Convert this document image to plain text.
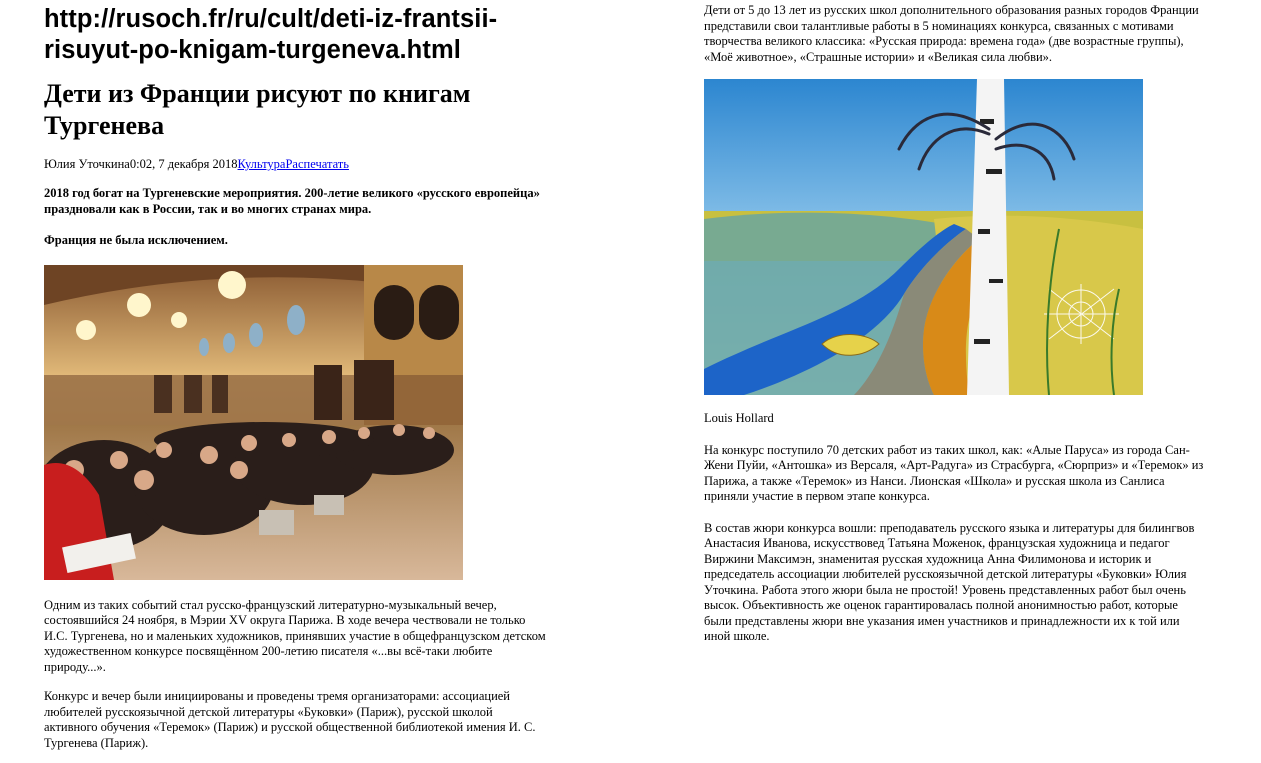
http://rusoch.fr/ru/cult/deti-iz-frantsii-risuyut-po-knigam-turgeneva.html
Дети из Франции рисуют по книгам Тургенева
Юлия Уточкина0:02, 7 декабря 2018КультураРаспечатать

2018 год богат на Тургеневские мероприятия. 200-летие великого «русского европейца» праздновали как в России, так и во многих странах мира.

Франция не была исключением.

Одним из таких событий стал русско-французский литературно-музыкальный вечер, состоявшийся 24 ноября, в Мэрии XV округа Парижа. В ходе вечера чествовали не только И.С. Тургенева, но и маленьких художников, принявших участие в общефранцузском детском художественном конкурсе посвящённом 200-летию писателя «...вы всё-таки любите природу...».

Конкурс и вечер были инициированы и проведены тремя организаторами: ассоциацией любителей русскоязычной детской литературы «Буковки» (Париж), русской школой активного обучения «Теремок» (Париж) и русской общественной библиотекой имения И. С. Тургенева (Париж).

Дети от 5 до 13 лет из русских школ дополнительного образования разных городов Франции представили свои талантливые работы в 5 номинациях конкурса, связанных с мотивами творчества великого классика: «Русская природа: времена года» (две возрастные группы), «Моё животное», «Страшные истории» и «Великая сила любви».

Louis Hollard

На конкурс поступило 70 детских работ из таких школ, как: «Алые Паруса» из города Сан-Жени Пуйи, «Антошка» из Версаля, «Арт-Радуга» из Страсбурга, «Сюрприз» и «Теремок» из Парижа, а также «Теремок» из Нанси. Лионская «Школа» и русская школа из Санлиса приняли участие в первом этапе конкурса.

В состав жюри конкурса вошли: преподаватель русского языка и литературы для билингвов Анастасия Иванова, искусствовед Татьяна Моженок, французская художница и педагог Виржини Максимэн, знаменитая русская художница Анна Филимонова и историк и председатель ассоциации любителей русскоязычной детской литературы «Буковки» Юлия Уточкина. Работа этого жюри была не простой! Уровень представленных работ был очень высок. Объективность же оценок гарантировалась полной анонимностью работ, которые были представлены жюри вне указания имен участников и принадлежности их к той или иной школе.
